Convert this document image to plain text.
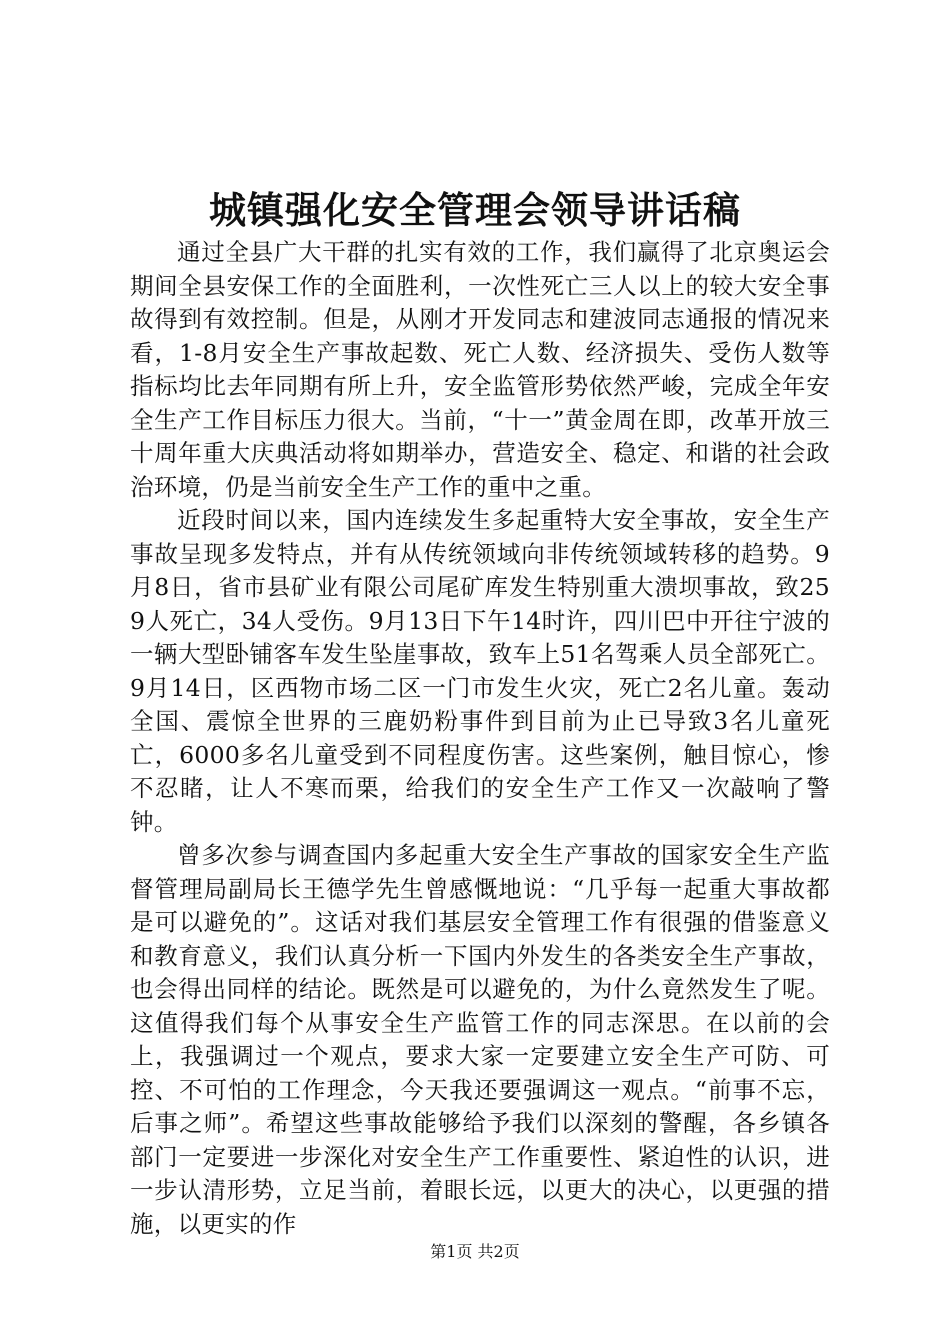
城镇强化安全管理会领导讲话稿

通过全县广大干群的扎实有效的工作，我们赢得了北京奥运会期间全县安保工作的全面胜利，一次性死亡三人以上的较大安全事故得到有效控制。但是，从刚才开发同志和建波同志通报的情况来看，1-8月安全生产事故起数、死亡人数、经济损失、受伤人数等指标均比去年同期有所上升，安全监管形势依然严峻，完成全年安全生产工作目标压力很大。当前，“十一”黄金周在即，改革开放三十周年重大庆典活动将如期举办，营造安全、稳定、和谐的社会政治环境，仍是当前安全生产工作的重中之重。

近段时间以来，国内连续发生多起重特大安全事故，安全生产事故呈现多发特点，并有从传统领域向非传统领域转移的趋势。9月8日，省市县矿业有限公司尾矿库发生特别重大溃坝事故，致259人死亡，34人受伤。9月13日下午14时许，四川巴中开往宁波的一辆大型卧铺客车发生坠崖事故，致车上51名驾乘人员全部死亡。9月14日，区西物市场二区一门市发生火灾，死亡2名儿童。轰动全国、震惊全世界的三鹿奶粉事件到目前为止已导致3名儿童死亡，6000多名儿童受到不同程度伤害。这些案例，触目惊心，惨不忍睹，让人不寒而栗，给我们的安全生产工作又一次敲响了警钟。

曾多次参与调查国内多起重大安全生产事故的国家安全生产监督管理局副局长王德学先生曾感慨地说：“几乎每一起重大事故都是可以避免的”。这话对我们基层安全管理工作有很强的借鉴意义和教育意义，我们认真分析一下国内外发生的各类安全生产事故，也会得出同样的结论。既然是可以避免的，为什么竟然发生了呢。这值得我们每个从事安全生产监管工作的同志深思。在以前的会上，我强调过一个观点，要求大家一定要建立安全生产可防、可控、不可怕的工作理念，今天我还要强调这一观点。“前事不忘，后事之师”。希望这些事故能够给予我们以深刻的警醒，各乡镇各部门一定要进一步深化对安全生产工作重要性、紧迫性的认识，进一步认清形势，立足当前，着眼长远，以更大的决心，以更强的措施，以更实的作

第1页 共2页
